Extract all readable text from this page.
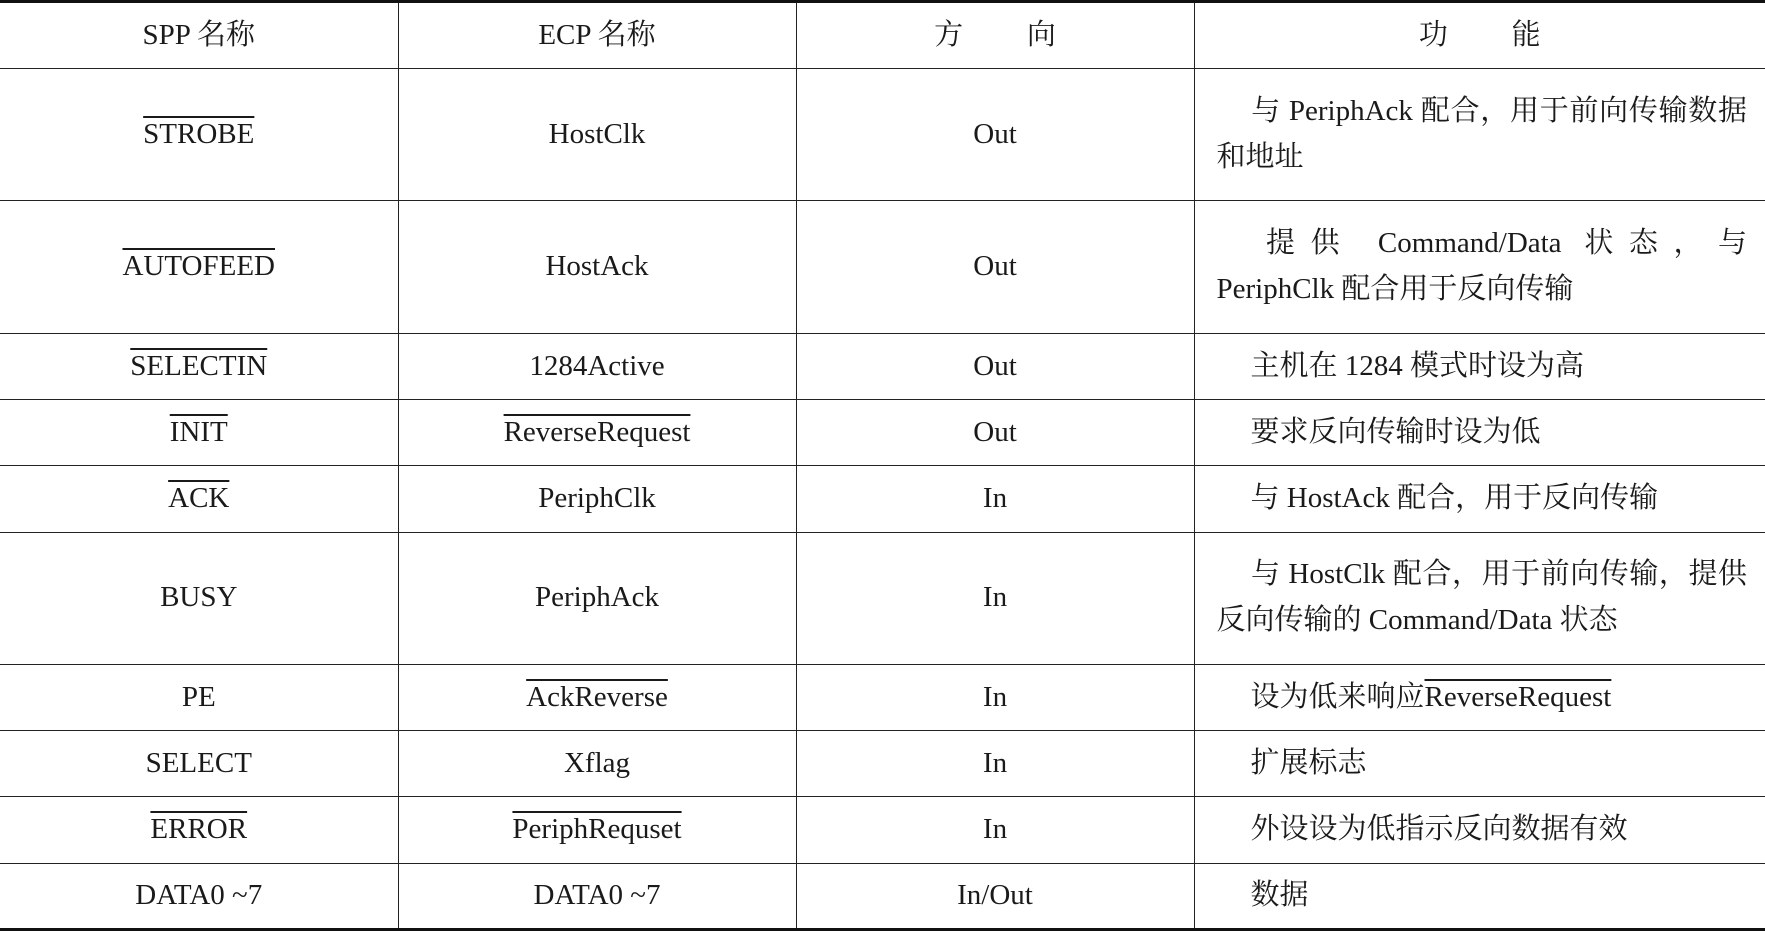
SPP 名称	ECP 名称	方向	功能
STROBE	HostClk	Out	与 PeriphAck 配合，用于前向传输数据和地址
AUTOFEED	HostAck	Out	提供 Command/Data 状态，与 PeriphClk 配合用于反向传输
SELECTIN	1284Active	Out	主机在 1284 模式时设为高
INIT	ReverseRequest	Out	要求反向传输时设为低
$\overline{ACK}$	PeriphClk	In	与 HostAck 配合，用于反向传输
BUSY	PeriphAck	In	与 HostClk 配合，用于前向传输，提供反向传输的 Command/Data 状态
PE	AckReverse	In	设为低来响应ReverseRequest
SELECT	Xflag	In	扩展标志
ERROR	PeriphRequset	In	外设设为低指示反向数据有效
DATA0 ~7	DATA0 ~7	In/Out	数据
